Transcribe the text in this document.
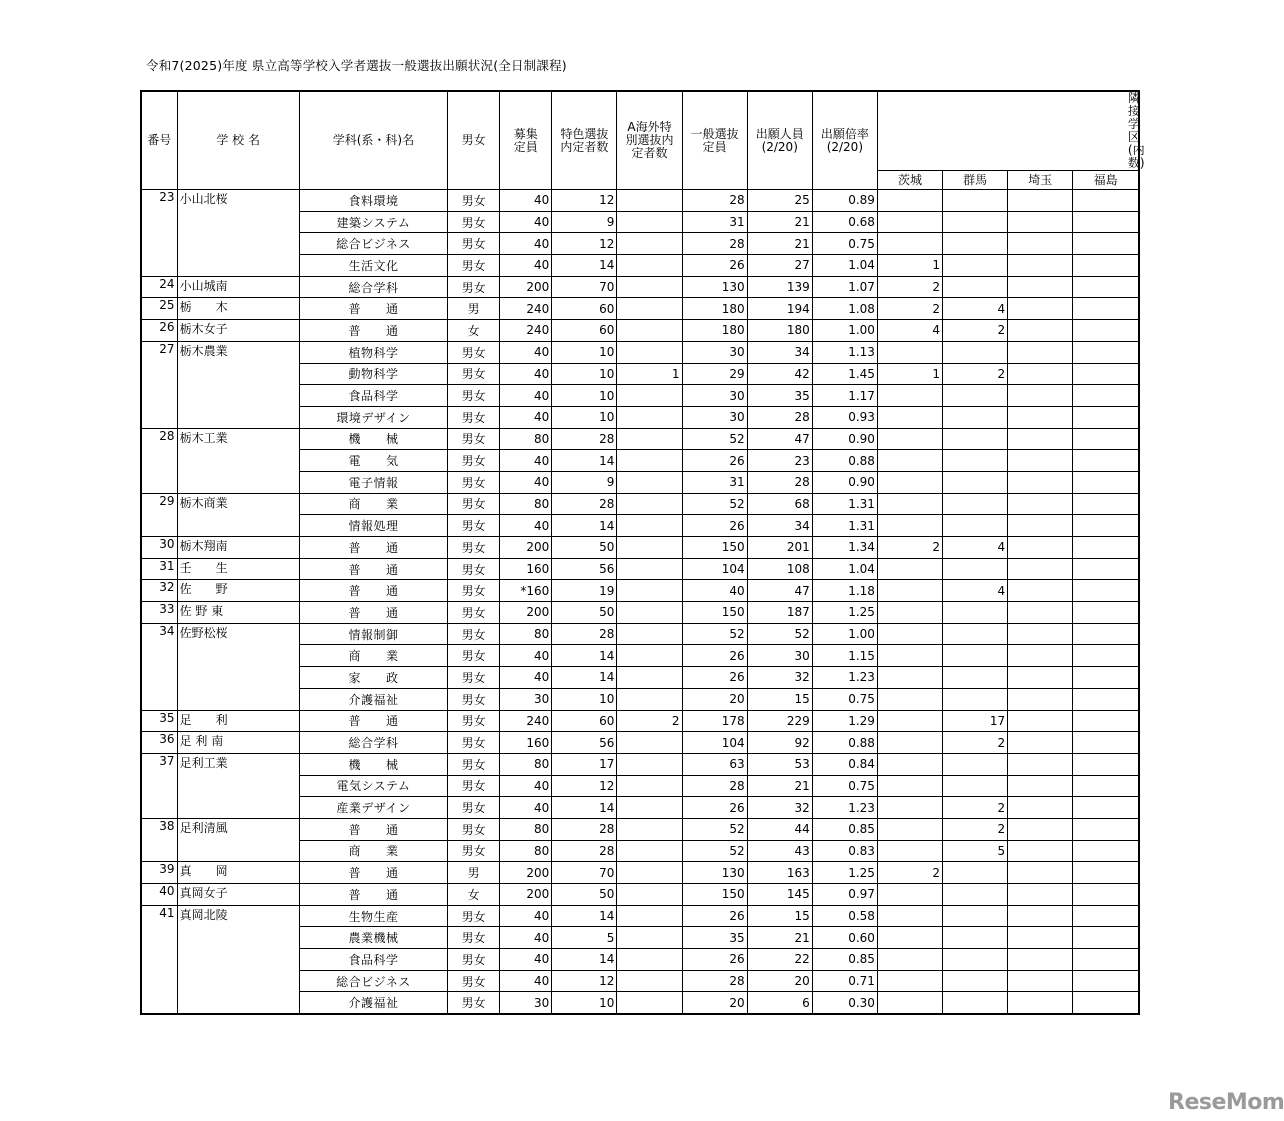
令和7(2025)年度 県立高等学校入学者選抜一般選抜出願状況(全日制課程)
番号	学 校 名	学科(系・科)名	男女	募集定員	特色選抜内定者数	A海外特別選抜内定者数	一般選抜定員	出願人員(2/20)	出願倍率(2/20)	隣接学区(内数)			
										茨城	群馬	埼玉	福島
23	小山北桜	食料環境	男女	40	12		28	25	0.89				
		建築システム	男女	40	9		31	21	0.68				
		総合ビジネス	男女	40	12		28	21	0.75				
		生活文化	男女	40	14		26	27	1.04	1			
24	小山城南	総合学科	男女	200	70		130	139	1.07	2			
25	栃　　木	普　　通	男	240	60		180	194	1.08	2	4		
26	栃木女子	普　　通	女	240	60		180	180	1.00	4	2		
27	栃木農業	植物科学	男女	40	10		30	34	1.13				
		動物科学	男女	40	10	1	29	42	1.45	1	2		
		食品科学	男女	40	10		30	35	1.17				
		環境デザイン	男女	40	10		30	28	0.93				
28	栃木工業	機　　械	男女	80	28		52	47	0.90				
		電　　気	男女	40	14		26	23	0.88				
		電子情報	男女	40	9		31	28	0.90				
29	栃木商業	商　　業	男女	80	28		52	68	1.31				
		情報処理	男女	40	14		26	34	1.31				
30	栃木翔南	普　　通	男女	200	50		150	201	1.34	2	4		
31	壬　　生	普　　通	男女	160	56		104	108	1.04				
32	佐　　野	普　　通	男女	*160	19		40	47	1.18		4		
33	佐 野 東	普　　通	男女	200	50		150	187	1.25				
34	佐野松桜	情報制御	男女	80	28		52	52	1.00				
		商　　業	男女	40	14		26	30	1.15				
		家　　政	男女	40	14		26	32	1.23				
		介護福祉	男女	30	10		20	15	0.75				
35	足　　利	普　　通	男女	240	60	2	178	229	1.29		17		
36	足 利 南	総合学科	男女	160	56		104	92	0.88		2		
37	足利工業	機　　械	男女	80	17		63	53	0.84				
		電気システム	男女	40	12		28	21	0.75				
		産業デザイン	男女	40	14		26	32	1.23		2		
38	足利清風	普　　通	男女	80	28		52	44	0.85		2		
		商　　業	男女	80	28		52	43	0.83		5		
39	真　　岡	普　　通	男	200	70		130	163	1.25	2			
40	真岡女子	普　　通	女	200	50		150	145	0.97				
41	真岡北陵	生物生産	男女	40	14		26	15	0.58				
		農業機械	男女	40	5		35	21	0.60				
		食品科学	男女	40	14		26	22	0.85				
		総合ビジネス	男女	40	12		28	20	0.71				
		介護福祉	男女	30	10		20	6	0.30				
ReseMom
